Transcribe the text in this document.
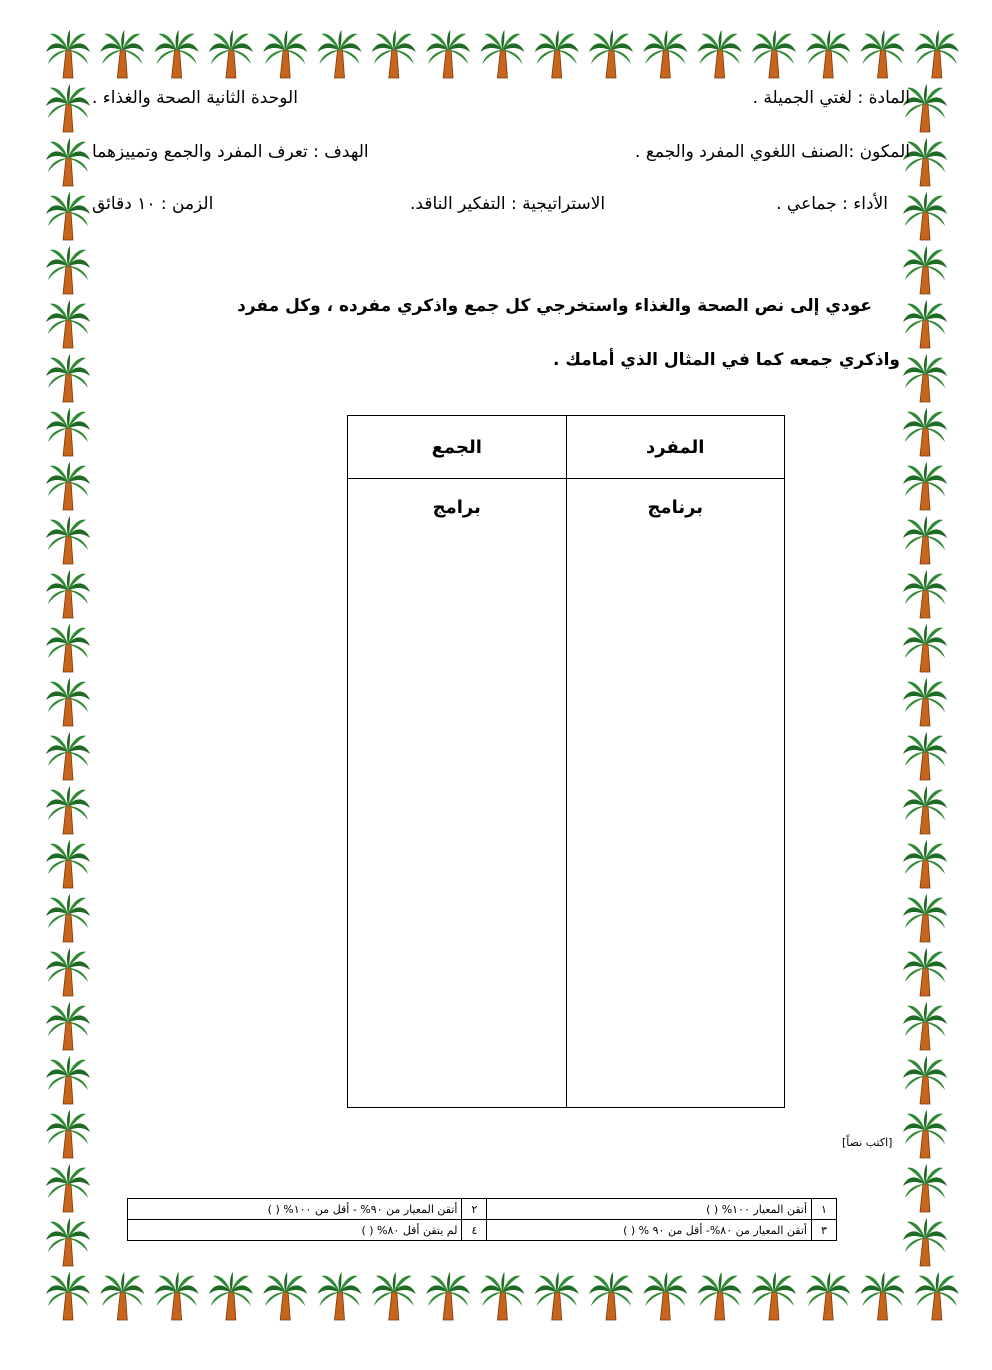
المادة : لغتي الجميلة .
الوحدة الثانية الصحة والغذاء .
المكون :الصنف اللغوي المفرد والجمع .
الهدف : تعرف المفرد والجمع وتمييزهما
الأداء : جماعي .
الاستراتيجية : التفكير الناقد.
الزمن : ١٠ دقائق
عودي إلى نص الصحة والغذاء واستخرجي كل جمع واذكري مفرده ، وكل مفرد
واذكري جمعه كما في المثال الذي أمامك .
المفرد	الجمع
برنامج	برامج
[اكتب نصاً]
١	أتقن المعيار ١٠٠% ( )	٢	أتقن المعيار من ٩٠% - أقل من ١٠٠% ( )
٣	أتقن المعيار من ٨٠%- أقل من ٩٠ % ( )	٤	لم يتقن أقل ٨٠% ( )
